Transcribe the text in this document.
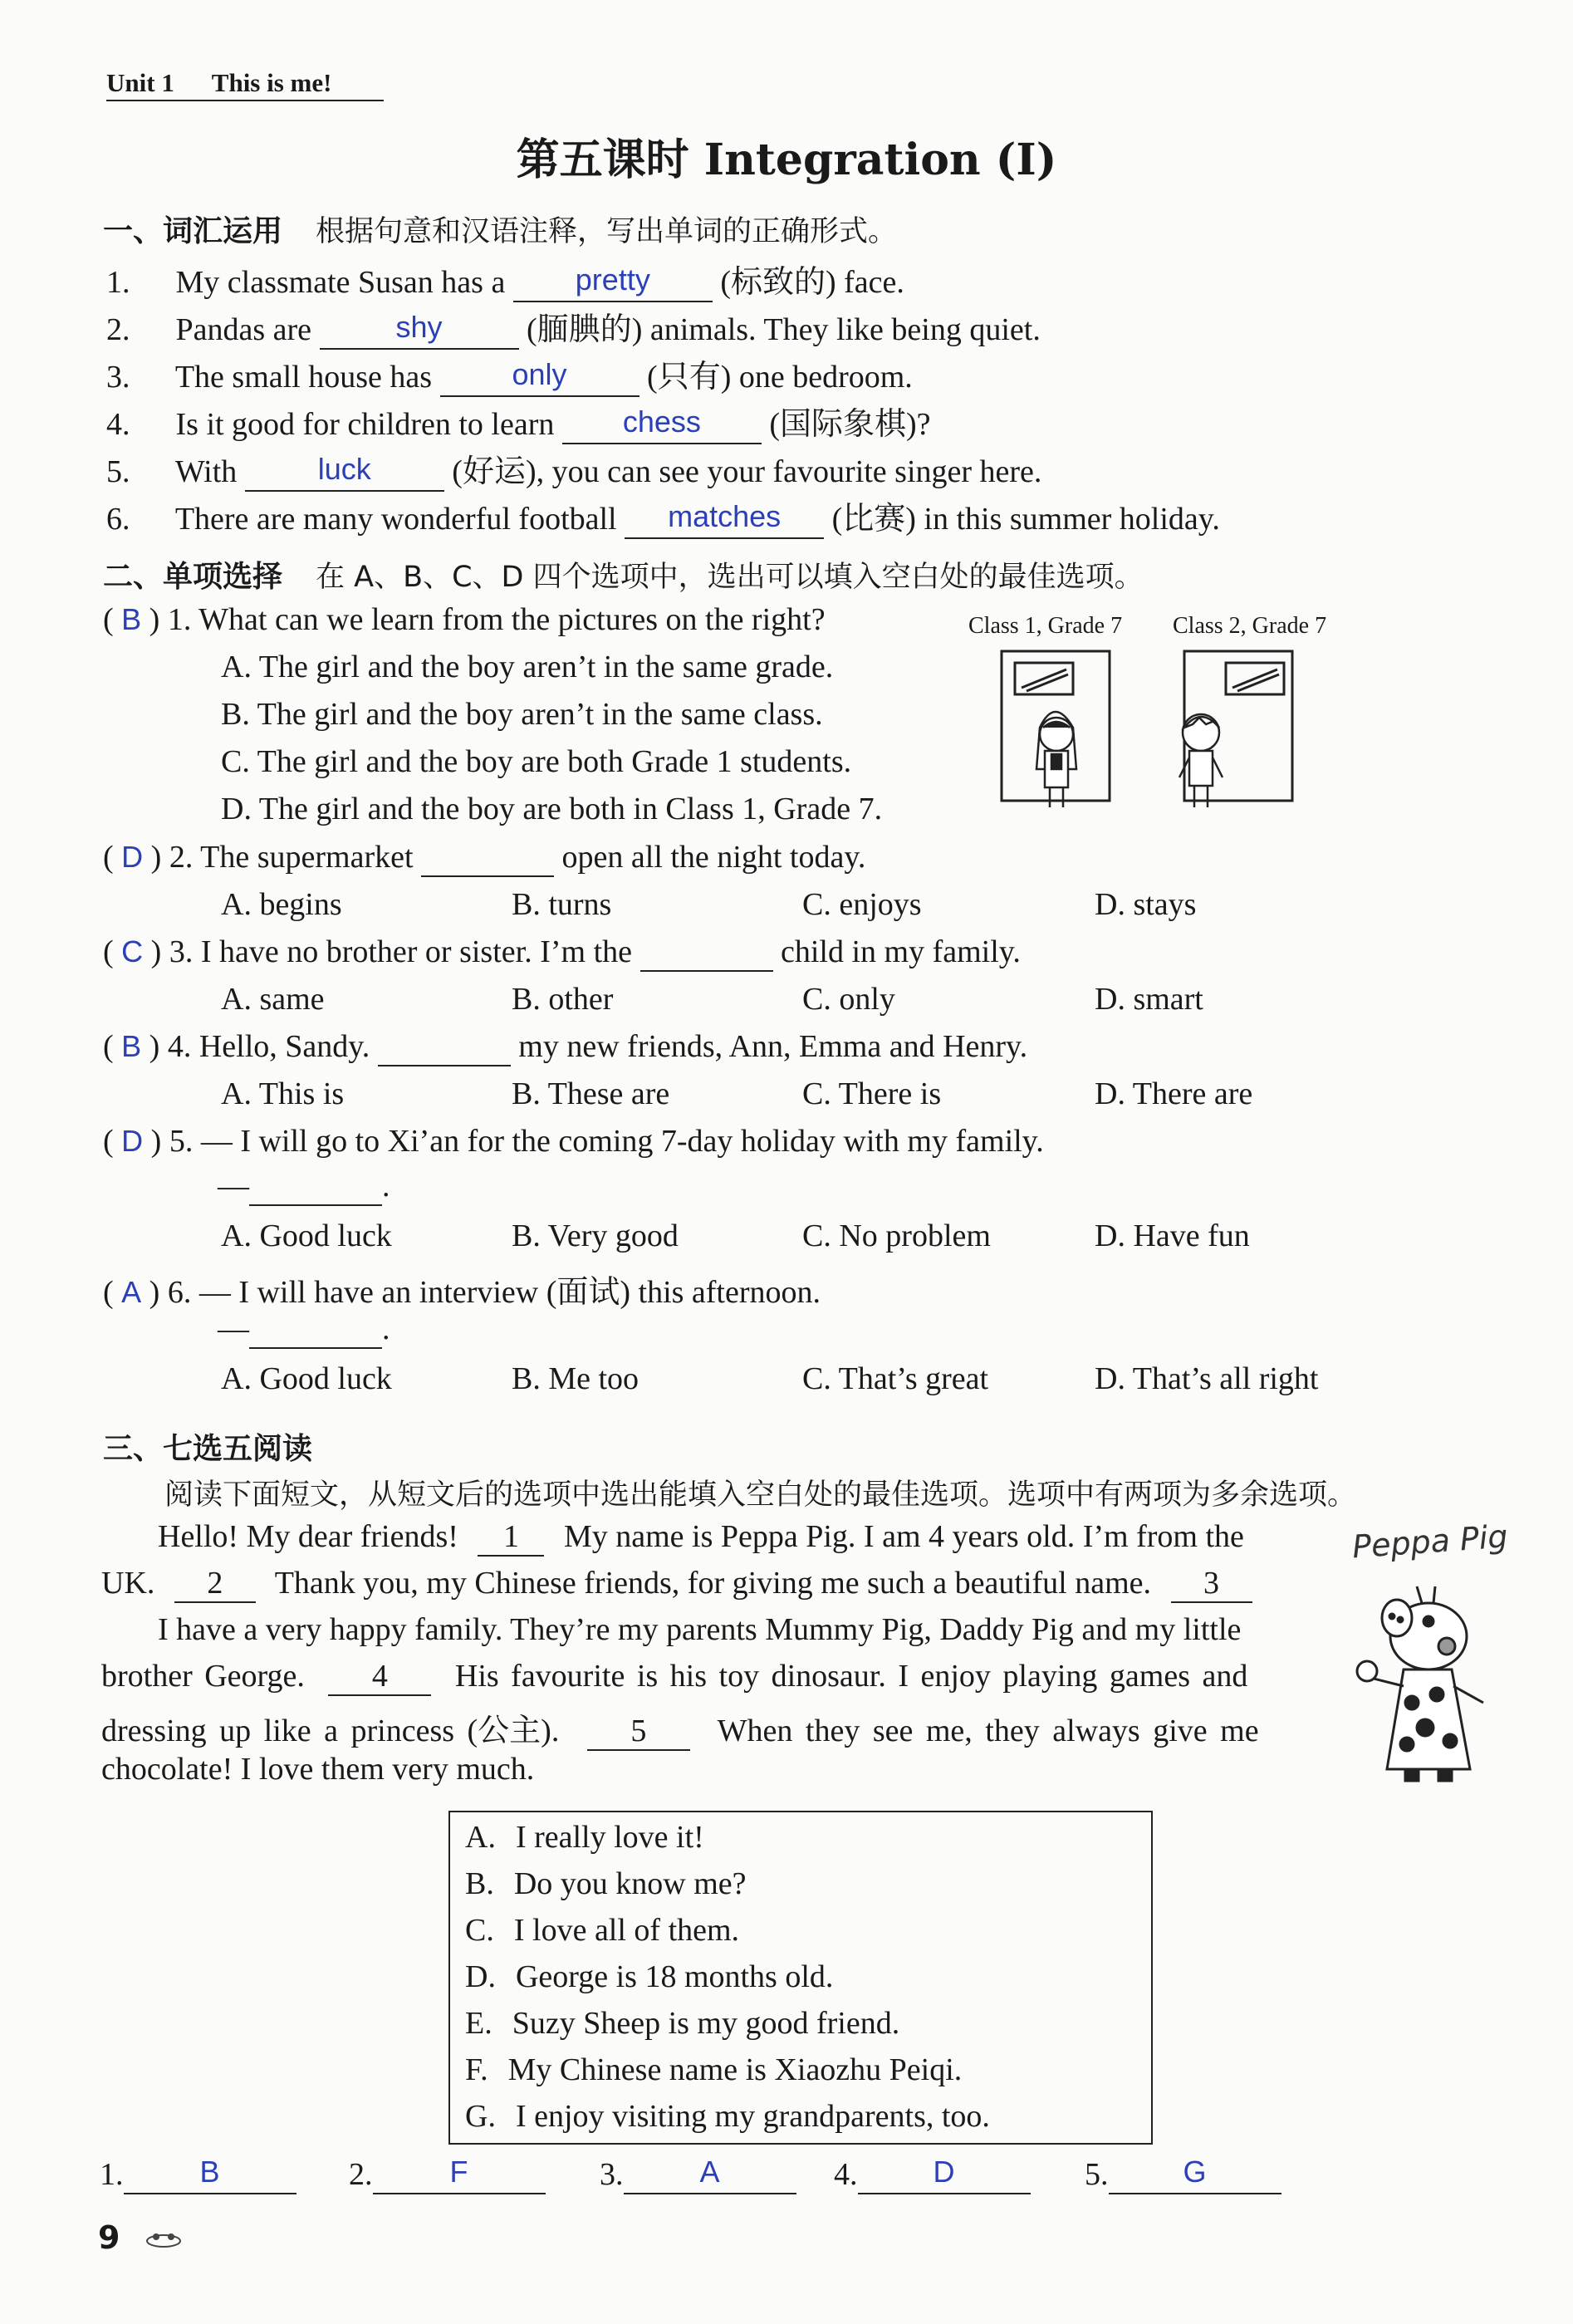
Unit 1 This is me!
第五课时 Integration (I)
一、词汇运用 根据句意和汉语注释，写出单词的正确形式。
1. My classmate Susan has a	pretty	(标致的) face.
2. Pandas are	shy	(腼腆的) animals. They like being quiet.
3. The small house has	only	(只有) one bedroom.
4. Is it good for children to learn	chess	(国际象棋)?
5. With	luck	(好运), you can see your favourite singer here.
6. There are many wonderful football	matches	(比赛) in this summer holiday.
二、单项选择 在 A、B、C、D 四个选项中，选出可以填入空白处的最佳选项。
( B ) 1. What can we learn from the pictures on the right?
A. The girl and the boy aren’t in the same grade.
B. The girl and the boy aren’t in the same class.
C. The girl and the boy are both Grade 1 students.
D. The girl and the boy are both in Class 1, Grade 7.
Class 1, Grade 7 Class 2, Grade 7
( D ) 2. The supermarket	open all the night today.
A. begins	B. turns	C. enjoys	D. stays
( C ) 3. I have no brother or sister. I’m the	child in my family.
A. same	B. other	C. only	D. smart
( B ) 4. Hello, Sandy.	my new friends, Ann, Emma and Henry.
A. This is	B. These are	C. There is	D. There are
( D ) 5. — I will go to Xi’an for the coming 7-day holiday with my family.
—	.
A. Good luck	B. Very good	C. No problem	D. Have fun
( A ) 6. — I will have an interview (面试) this afternoon.
—	.
A. Good luck	B. Me too	C. That’s great	D. That’s all right
三、七选五阅读
阅读下面短文，从短文后的选项中选出能填入空白处的最佳选项。选项中有两项为多余选项。
Hello! My dear friends! 1 My name is Peppa Pig. I am 4 years old. I’m from the
UK. 2 Thank you, my Chinese friends, for giving me such a beautiful name. 3
I have a very happy family. They’re my parents Mummy Pig, Daddy Pig and my little
brother George. 4 His favourite is his toy dinosaur. I enjoy playing games and
dressing up like a princess (公主). 5 When they see me, they always give me
chocolate! I love them very much.
Peppa Pig
A. I really love it!
B. Do you know me?
C. I love all of them.
D. George is 18 months old.
E. Suzy Sheep is my good friend.
F. My Chinese name is Xiaozhu Peiqi.
G. I enjoy visiting my grandparents, too.
1.	B
	2.	F
	3.	A
	4.	D
	5.	G

9
